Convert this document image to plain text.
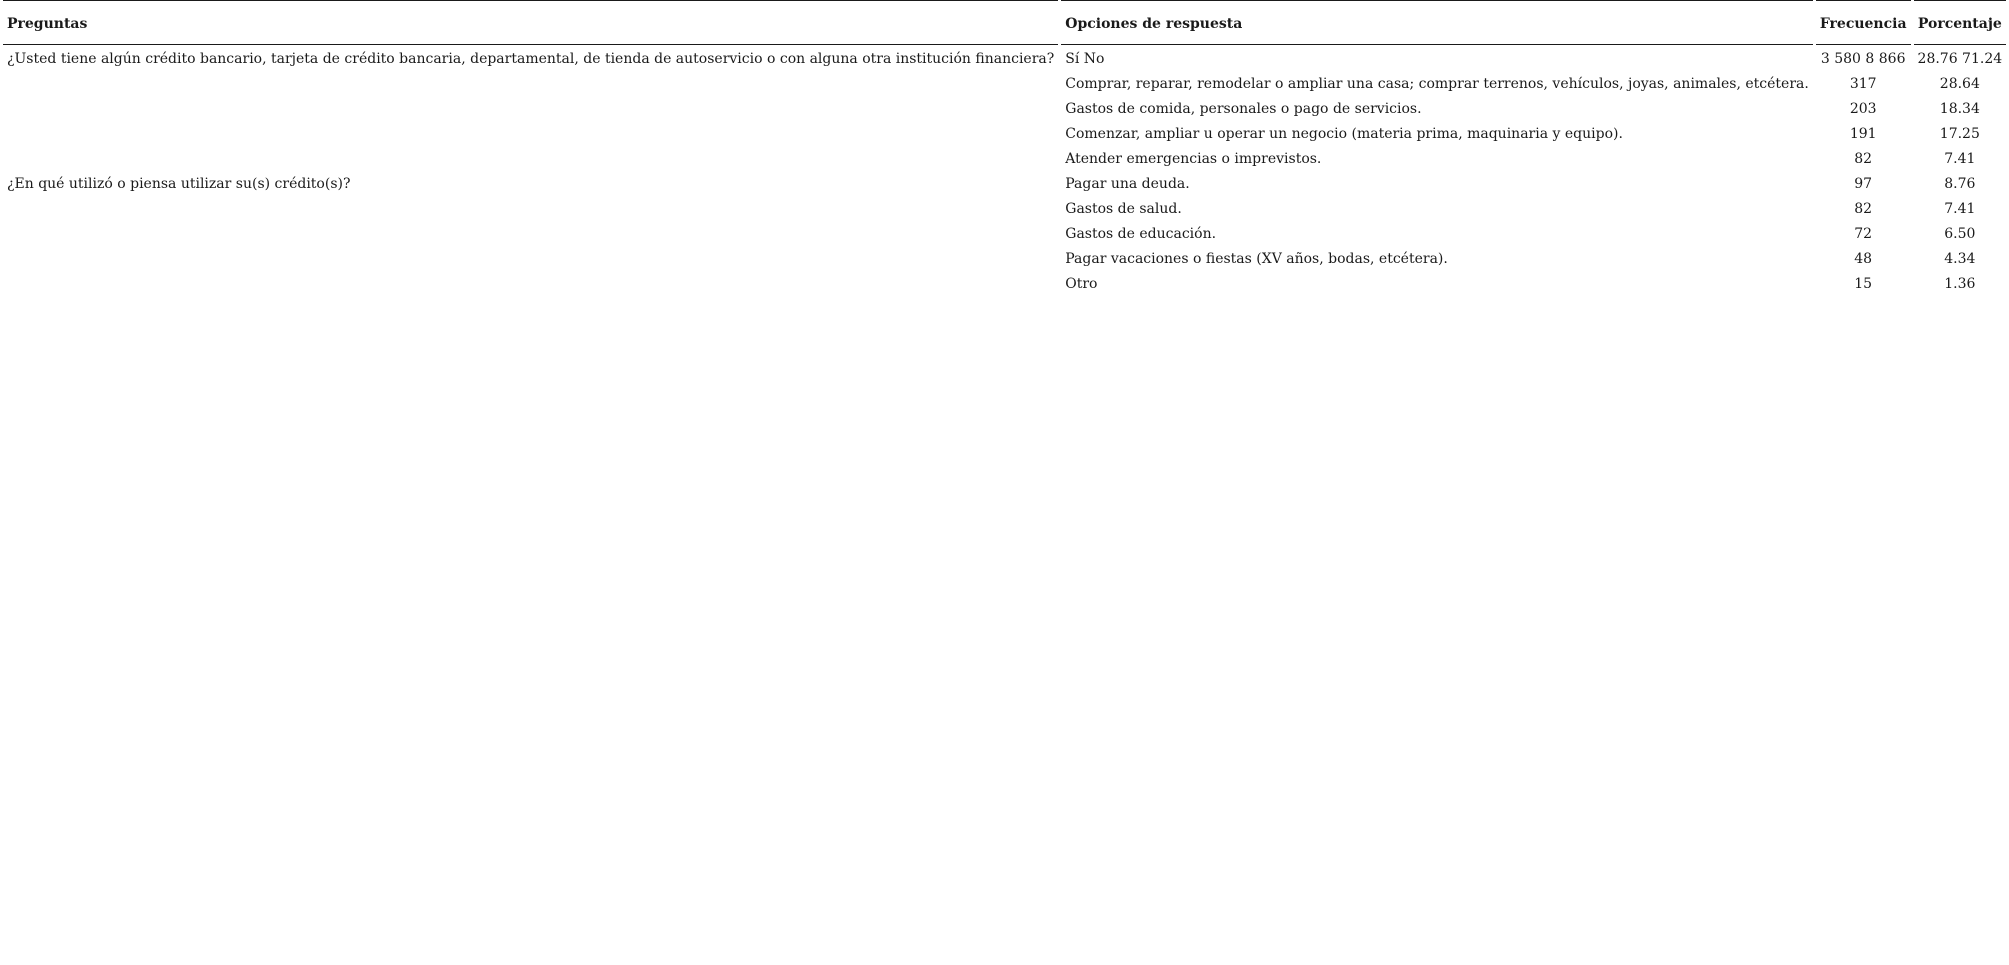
Preguntas	Opciones de respuesta	Frecuencia	Porcentaje
¿Usted tiene algún crédito bancario, tarjeta de crédito bancaria, departamental, de tienda de autoservicio o con alguna otra institución financiera?	Sí No	3 580 8 866	28.76 71.24
	Comprar, reparar, remodelar o ampliar una casa; comprar terrenos, vehículos, joyas, animales, etcétera.	317	28.64
	Gastos de comida, personales o pago de servicios.	203	18.34
	Comenzar, ampliar u operar un negocio (materia prima, maquinaria y equipo).	191	17.25
	Atender emergencias o imprevistos.	82	7.41
¿En qué utilizó o piensa utilizar su(s) crédito(s)?	Pagar una deuda.	97	8.76
	Gastos de salud.	82	7.41
	Gastos de educación.	72	6.50
	Pagar vacaciones o fiestas (XV años, bodas, etcétera).	48	4.34
	Otro	15	1.36
